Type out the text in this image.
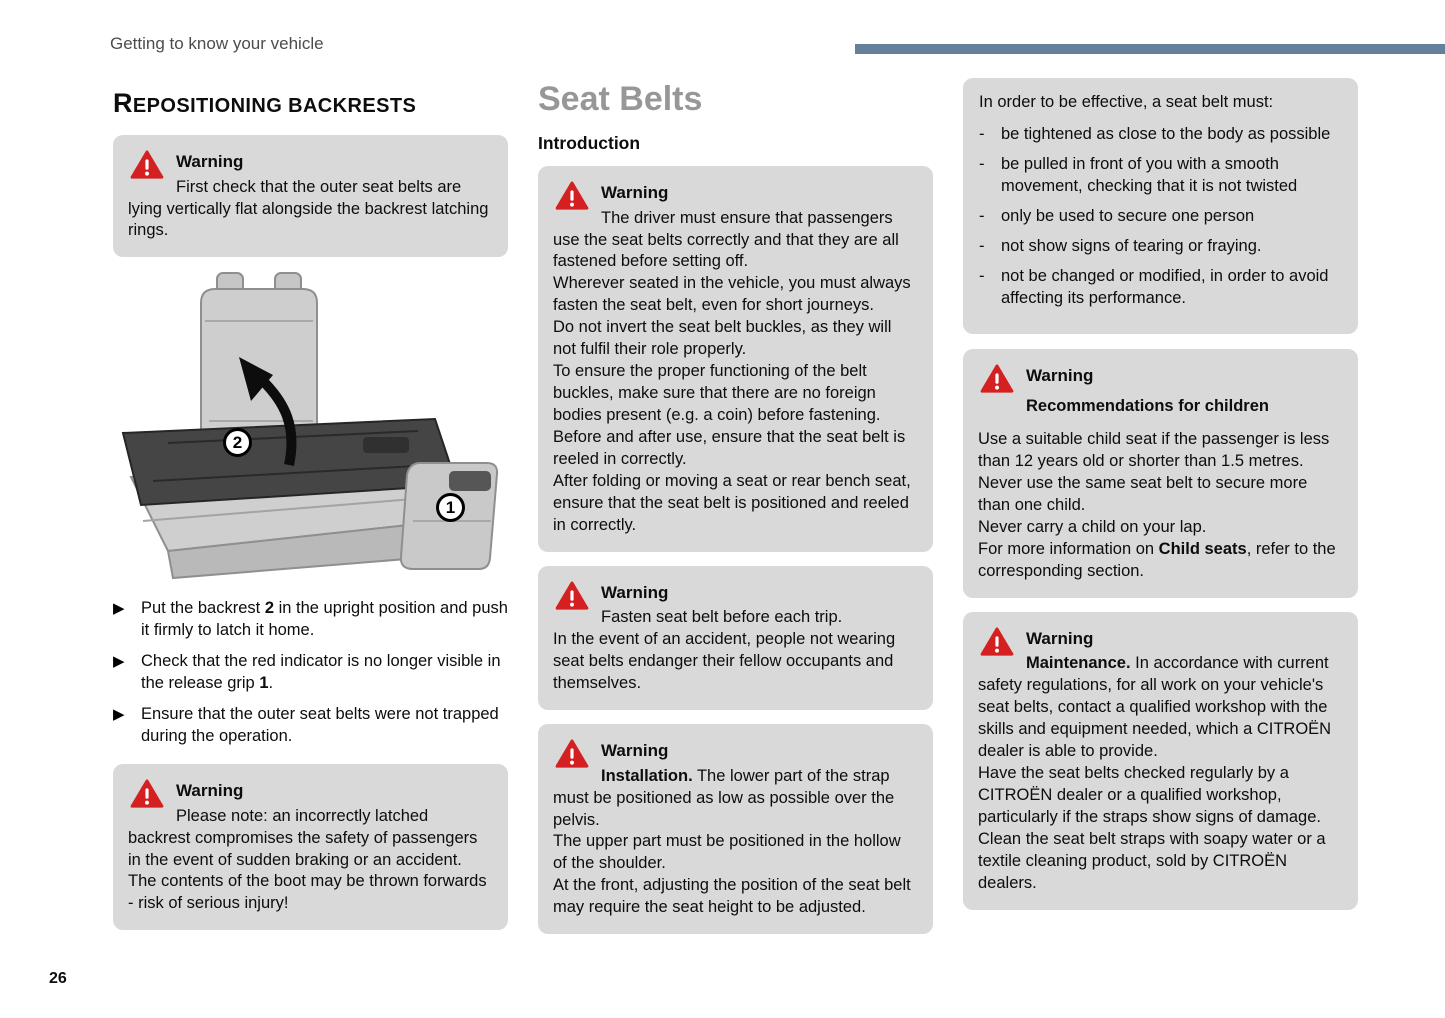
Getting to know your vehicle
REPOSITIONING BACKRESTS
Warning

First check that the outer seat belts are lying vertically flat alongside the backrest latching rings.

2
1
▶ Put the backrest 2 in the upright position and push it firmly to latch it home.
▶ Check that the red indicator is no longer visible in the release grip 1.
▶ Ensure that the outer seat belts were not trapped during the operation.
Warning

Please note: an incorrectly latched backrest compromises the safety of passengers in the event of sudden braking or an accident.

The contents of the boot may be thrown forwards - risk of serious injury!

Seat Belts
Introduction
Warning

The driver must ensure that passengers use the seat belts correctly and that they are all fastened before setting off.

Wherever seated in the vehicle, you must always fasten the seat belt, even for short journeys.

Do not invert the seat belt buckles, as they will not fulfil their role properly.

To ensure the proper functioning of the belt buckles, make sure that there are no foreign bodies present (e.g. a coin) before fastening.

Before and after use, ensure that the seat belt is reeled in correctly.

After folding or moving a seat or rear bench seat, ensure that the seat belt is positioned and reeled in correctly.

Warning

Fasten seat belt before each trip.

In the event of an accident, people not wearing seat belts endanger their fellow occupants and themselves.

Warning

Installation. The lower part of the strap must be positioned as low as possible over the pelvis.

The upper part must be positioned in the hollow of the shoulder.

At the front, adjusting the position of the seat belt may require the seat height to be adjusted.

In order to be effective, a seat belt must:

- be tightened as close to the body as possible
- be pulled in front of you with a smooth movement, checking that it is not twisted
- only be used to secure one person
- not show signs of tearing or fraying.
- not be changed or modified, in order to avoid affecting its performance.
Warning
Recommendations for children

Use a suitable child seat if the passenger is less than 12 years old or shorter than 1.5 metres.

Never use the same seat belt to secure more than one child.

Never carry a child on your lap.

For more information on Child seats, refer to the corresponding section.

Warning

Maintenance. In accordance with current safety regulations, for all work on your vehicle's seat belts, contact a qualified workshop with the skills and equipment needed, which a CITROËN dealer is able to provide.

Have the seat belts checked regularly by a CITROËN dealer or a qualified workshop, particularly if the straps show signs of damage.

Clean the seat belt straps with soapy water or a textile cleaning product, sold by CITROËN dealers.

26
